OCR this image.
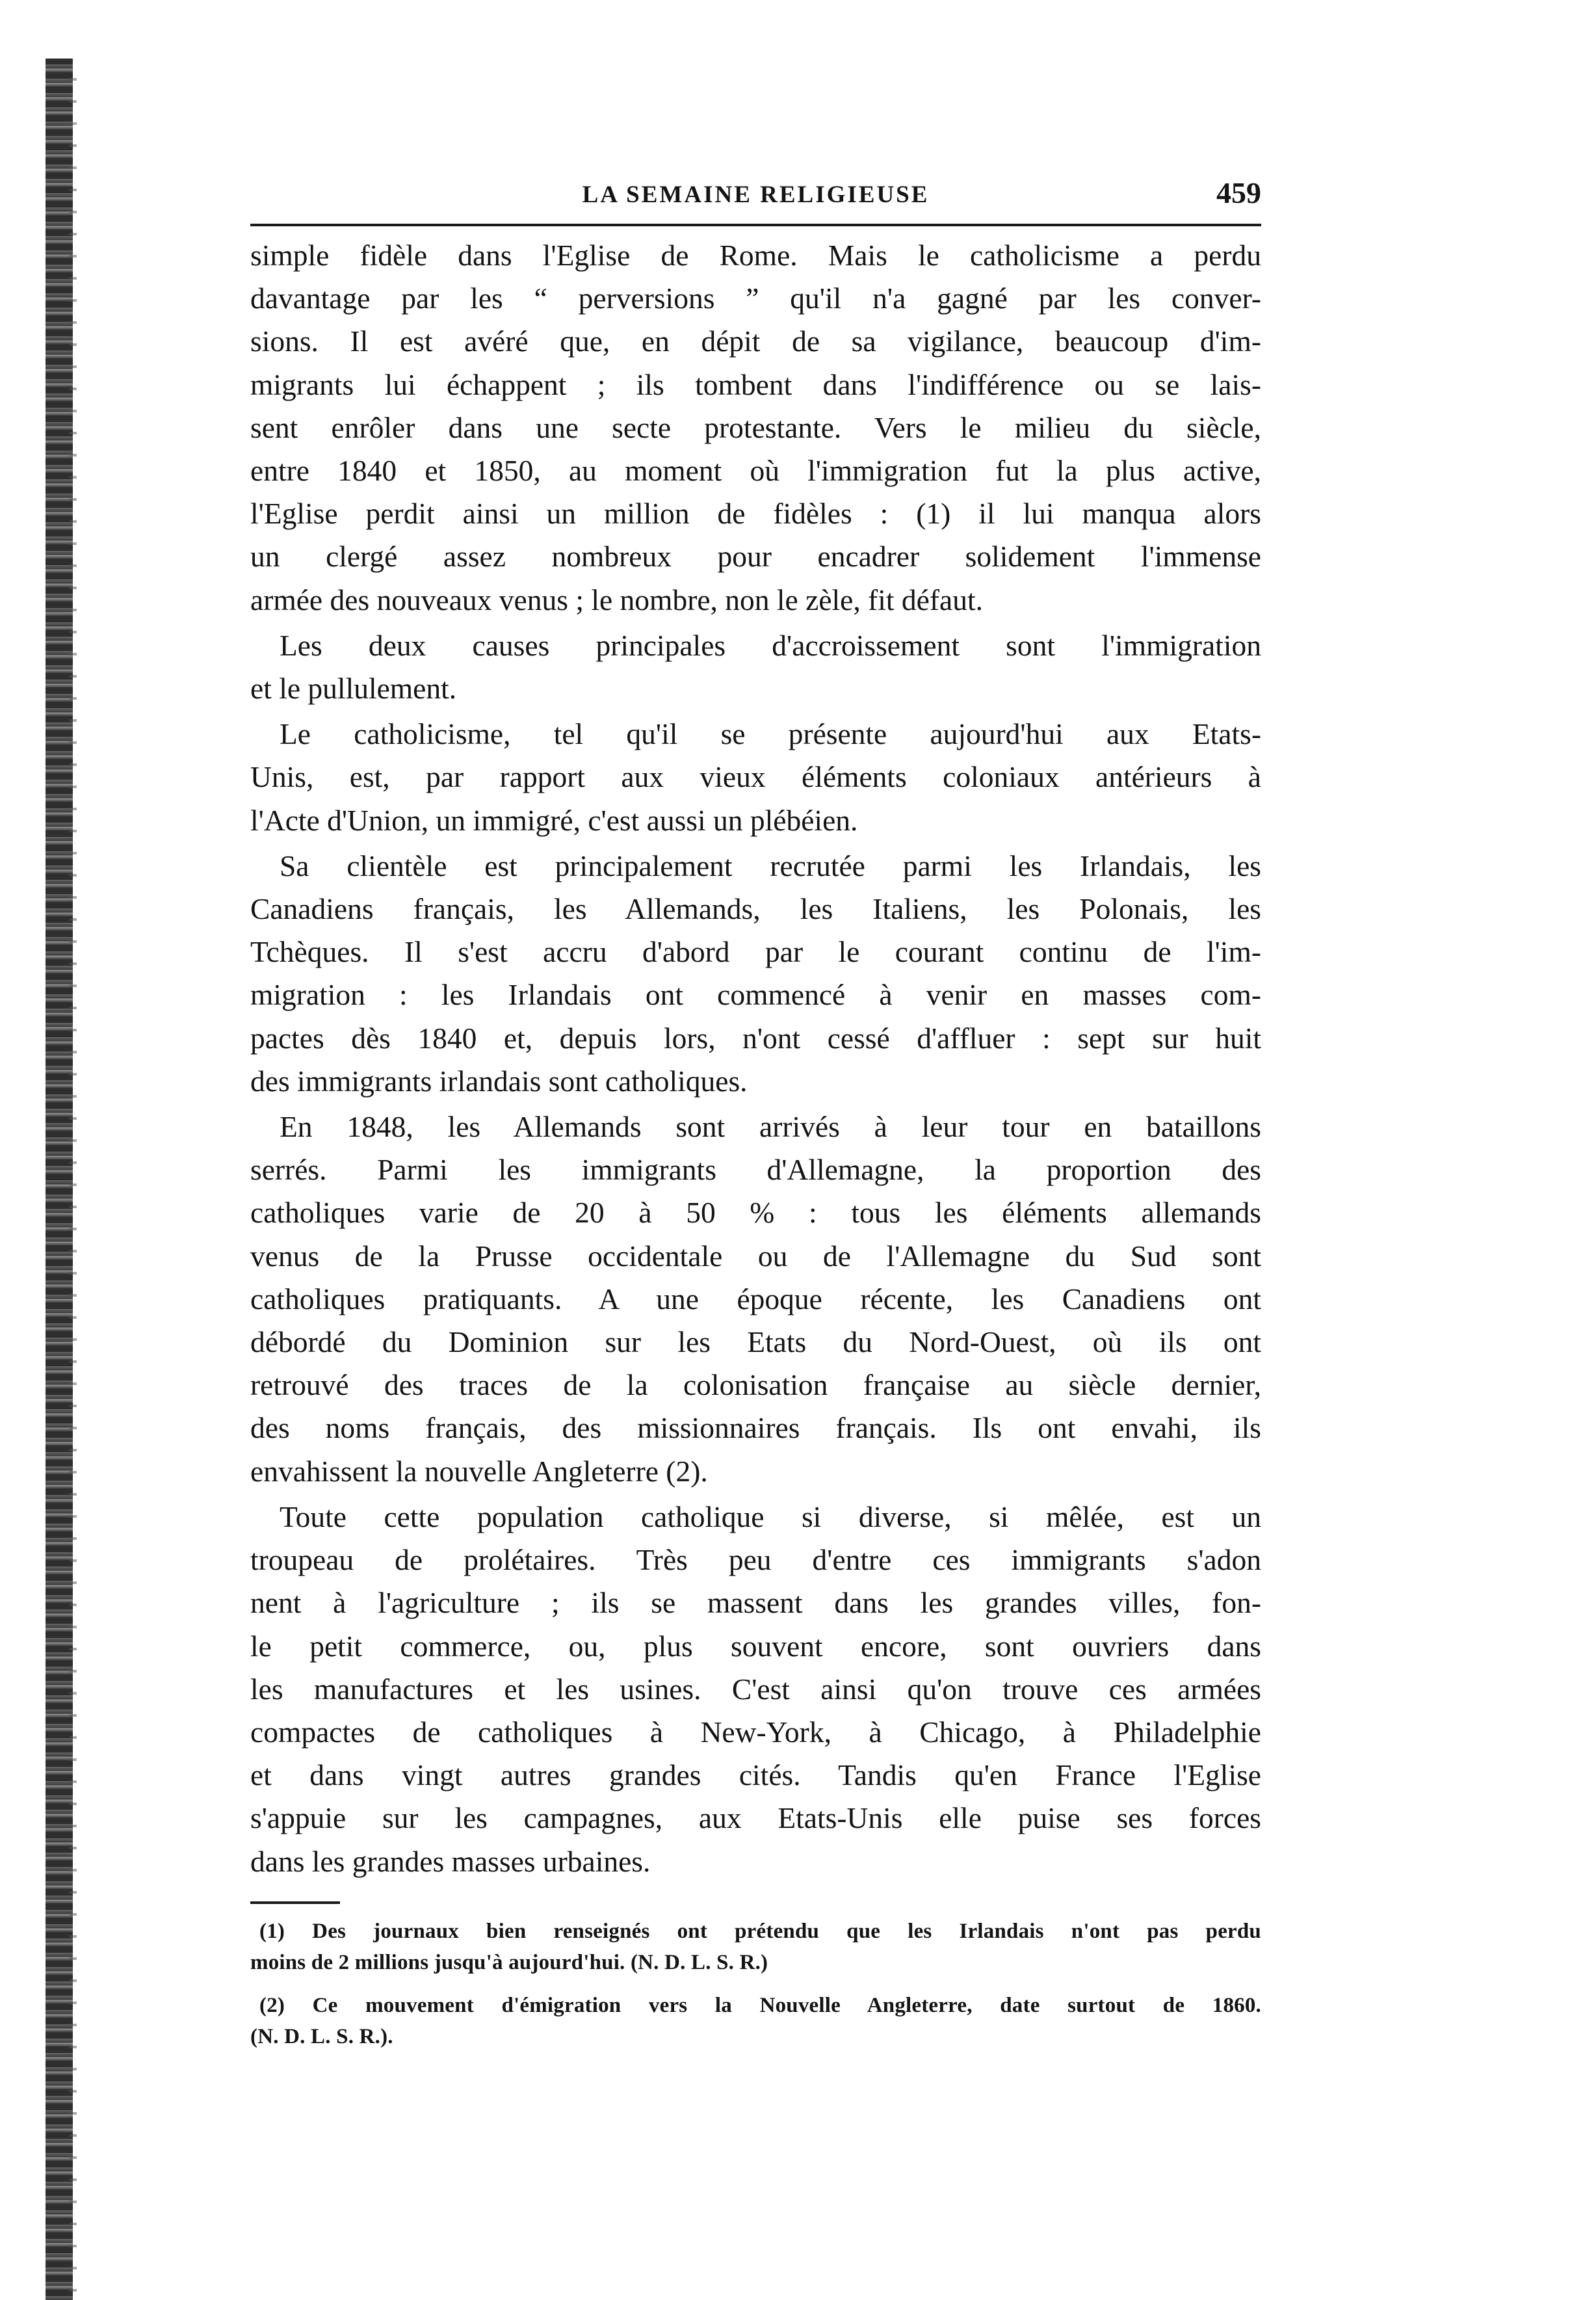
LA SEMAINE RELIGIEUSE	459
simple fidèle dans l'Eglise de Rome. Mais le catholicisme a perdu
davantage par les “ perversions ” qu'il n'a gagné par les conver-
sions. Il est avéré que, en dépit de sa vigilance, beaucoup d'im-
migrants lui échappent ; ils tombent dans l'indifférence ou se lais-
sent enrôler dans une secte protestante. Vers le milieu du siècle,
entre 1840 et 1850, au moment où l'immigration fut la plus active,
l'Eglise perdit ainsi un million de fidèles : (1) il lui manqua alors
un clergé assez nombreux pour encadrer solidement l'immense
armée des nouveaux venus ; le nombre, non le zèle, fit défaut.
Les deux causes principales d'accroissement sont l'immigration
et le pullulement.
Le catholicisme, tel qu'il se présente aujourd'hui aux Etats-
Unis, est, par rapport aux vieux éléments coloniaux antérieurs à
l'Acte d'Union, un immigré, c'est aussi un plébéien.
Sa clientèle est principalement recrutée parmi les Irlandais, les
Canadiens français, les Allemands, les Italiens, les Polonais, les
Tchèques. Il s'est accru d'abord par le courant continu de l'im-
migration : les Irlandais ont commencé à venir en masses com-
pactes dès 1840 et, depuis lors, n'ont cessé d'affluer : sept sur huit
des immigrants irlandais sont catholiques.
En 1848, les Allemands sont arrivés à leur tour en bataillons
serrés. Parmi les immigrants d'Allemagne, la proportion des
catholiques varie de 20 à 50 % : tous les éléments allemands
venus de la Prusse occidentale ou de l'Allemagne du Sud sont
catholiques pratiquants. A une époque récente, les Canadiens ont
débordé du Dominion sur les Etats du Nord-Ouest, où ils ont
retrouvé des traces de la colonisation française au siècle dernier,
des noms français, des missionnaires français. Ils ont envahi, ils
envahissent la nouvelle Angleterre (2).
Toute cette population catholique si diverse, si mêlée, est un
troupeau de prolétaires. Très peu d'entre ces immigrants s'adon
nent à l'agriculture ; ils se massent dans les grandes villes, fon-
le petit commerce, ou, plus souvent encore, sont ouvriers dans
les manufactures et les usines. C'est ainsi qu'on trouve ces armées
compactes de catholiques à New-York, à Chicago, à Philadelphie
et dans vingt autres grandes cités. Tandis qu'en France l'Eglise
s'appuie sur les campagnes, aux Etats-Unis elle puise ses forces
dans les grandes masses urbaines.
(1) Des journaux bien renseignés ont prétendu que les Irlandais n'ont pas perdu
moins de 2 millions jusqu'à aujourd'hui. (N. D. L. S. R.)
(2) Ce mouvement d'émigration vers la Nouvelle Angleterre, date surtout de 1860.
(N. D. L. S. R.).
